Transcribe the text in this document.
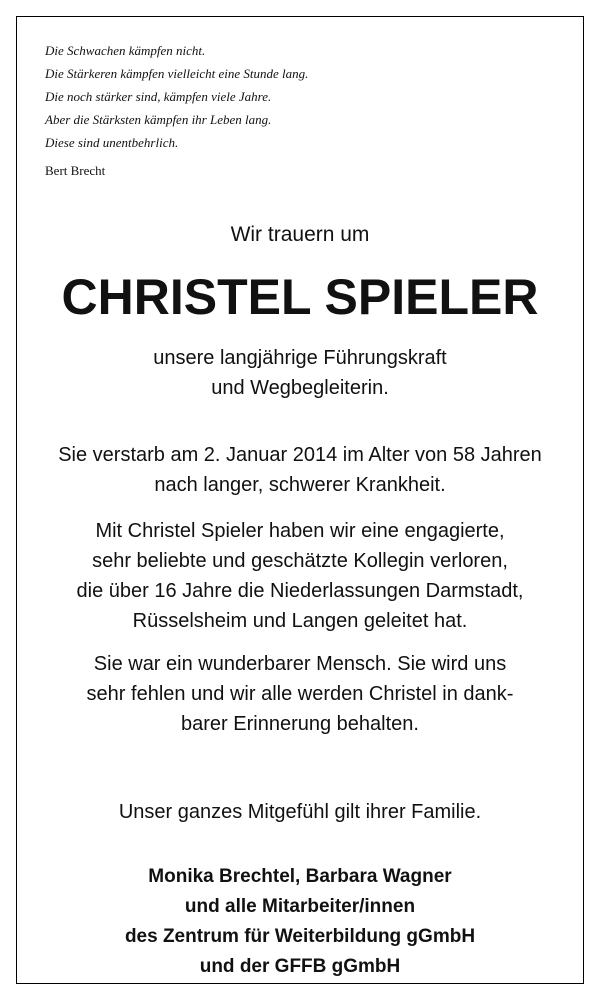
Die Schwachen kämpfen nicht.
Die Stärkeren kämpfen vielleicht eine Stunde lang.
Die noch stärker sind, kämpfen viele Jahre.
Aber die Stärksten kämpfen ihr Leben lang.
Diese sind unentbehrlich.
Bert Brecht
Wir trauern um
CHRISTEL SPIELER
unsere langjährige Führungskraft
und Wegbegleiterin.
Sie verstarb am 2. Januar 2014 im Alter von 58 Jahren
nach langer, schwerer Krankheit.
Mit Christel Spieler haben wir eine engagierte,
sehr beliebte und geschätzte Kollegin verloren,
die über 16 Jahre die Niederlassungen Darmstadt,
Rüsselsheim und Langen geleitet hat.
Sie war ein wunderbarer Mensch. Sie wird uns
sehr fehlen und wir alle werden Christel in dank-
barer Erinnerung behalten.
Unser ganzes Mitgefühl gilt ihrer Familie.
Monika Brechtel, Barbara Wagner
und alle Mitarbeiter/innen
des Zentrum für Weiterbildung gGmbH
und der GFFB gGmbH
